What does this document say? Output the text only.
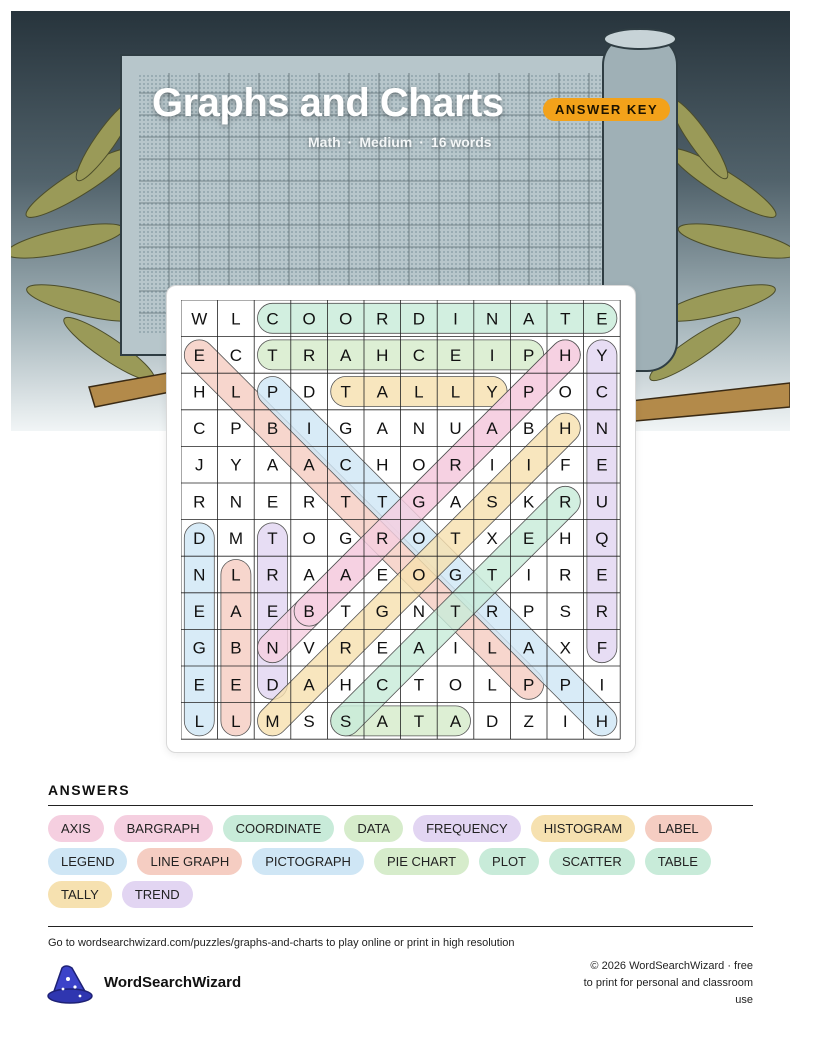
Graphs and Charts	ANSWER KEY
Math · Medium · 16 words
W L C O O R D I N A T E
E C T R A H C E I P H Y
H L P D T A L L Y P O C
C P B I G A N U A B H N
J Y A A C H O R I I F E
R N E R T T G A S K R U
D M T O G R O T X E H Q
N L R A A E O G T I R E
E A E B T G N T R P S R
G B N V R E A I L A X F
E E D A H C T O L P P I
L L M S S A T A D Z I H
ANSWERS
AXIS	BARGRAPH	COORDINATE	DATA	FREQUENCY	HISTOGRAM	LABEL
LEGEND	LINE GRAPH	PICTOGRAPH	PIE CHART	PLOT	SCATTER	TABLE
TALLY	TREND
Go to wordsearchwizard.com/puzzles/graphs-and-charts to play online or print in high resolution
WordSearchWizard
© 2026 WordSearchWizard · free to print for personal and classroom use
